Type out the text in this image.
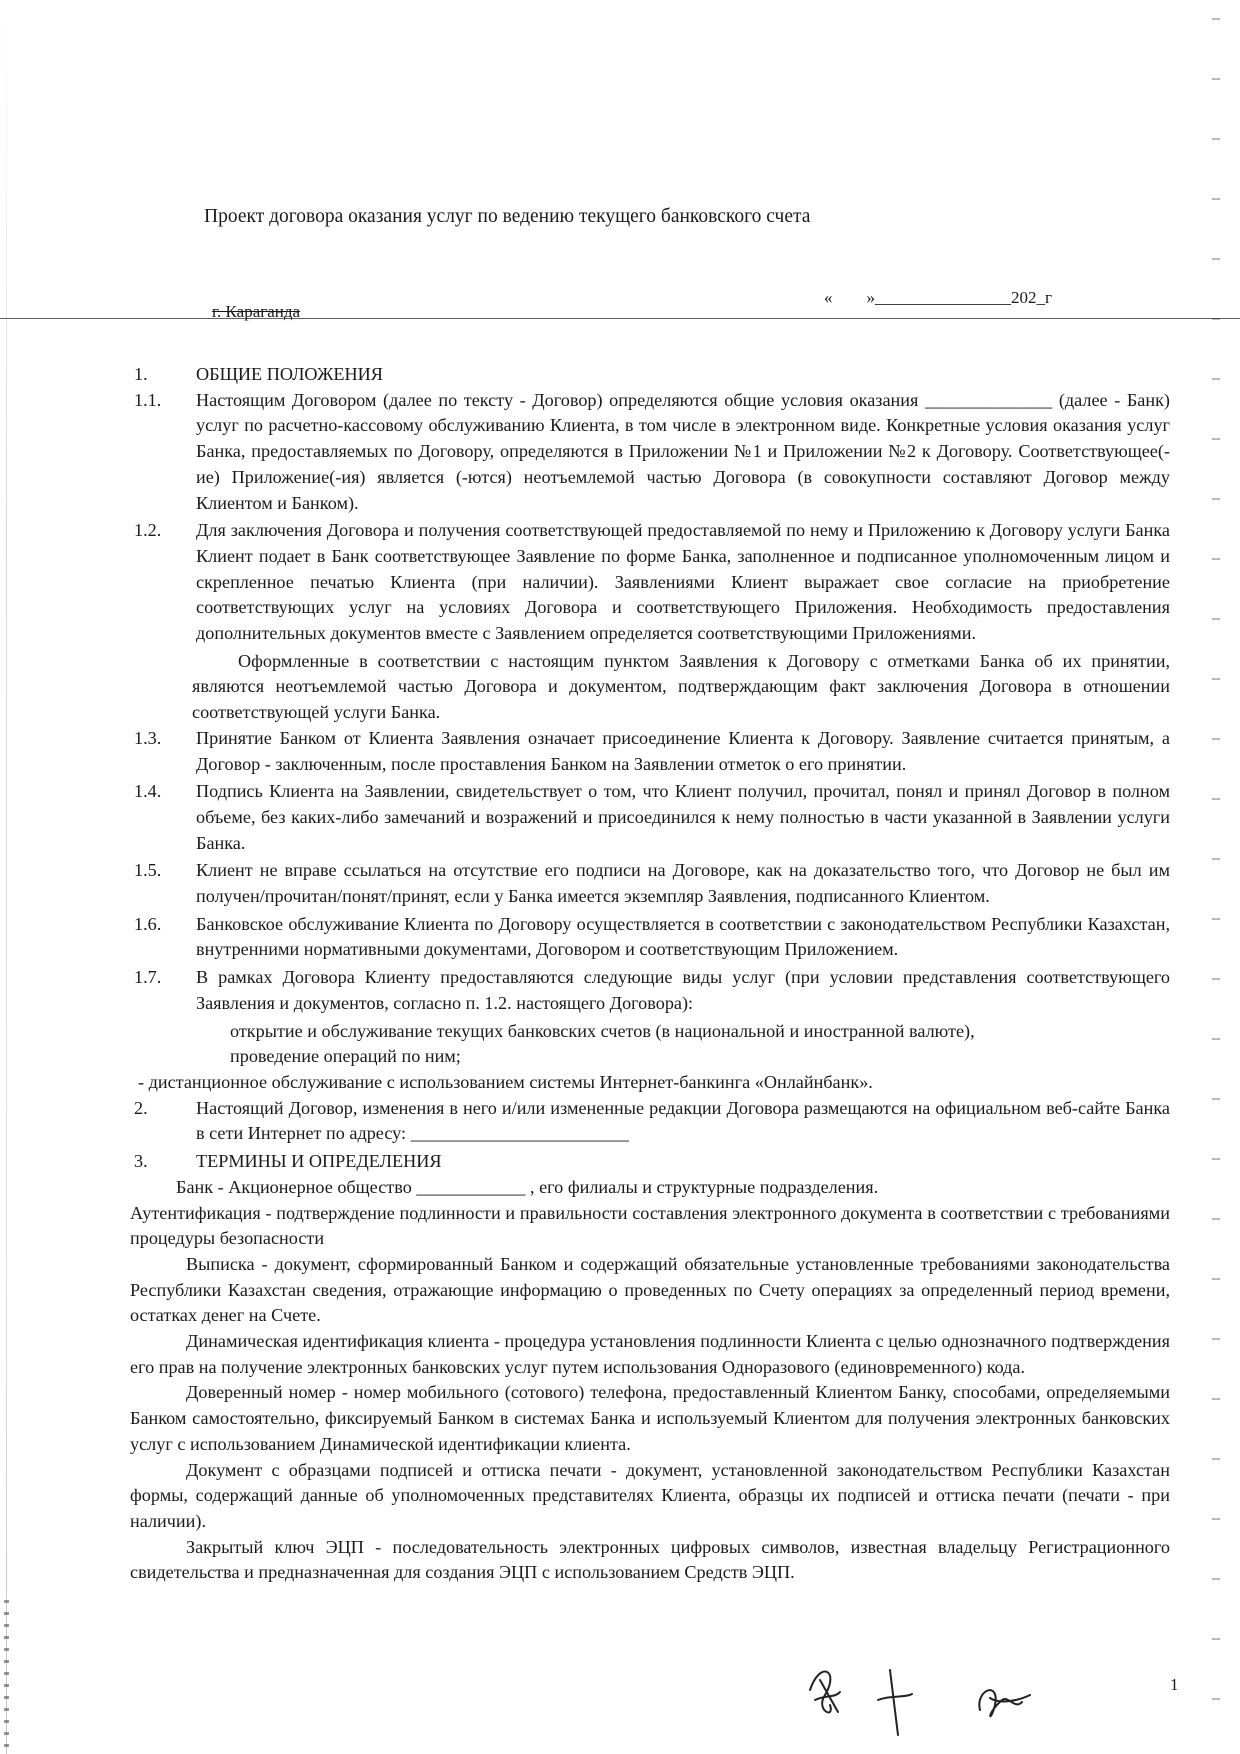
Проект договора оказания услуг по ведению текущего банковского счета
г. Караганда
«        »________________202_г
1.	ОБЩИЕ ПОЛОЖЕНИЯ
1.1.	Настоящим Договором (далее по тексту - Договор) определяются общие условия оказания ______________ (далее - Банк) услуг по расчетно-кассовому обслуживанию Клиента, в том числе в электронном виде. Конкретные условия оказания услуг Банка, предоставляемых по Договору, определяются в Приложении №1 и Приложении №2 к Договору. Соответствующее(-ие) Приложение(-ия) является (-ются) неотъемлемой частью Договора (в совокупности составляют Договор между Клиентом и Банком).
1.2.	Для заключения Договора и получения соответствующей предоставляемой по нему и Приложению к Договору услуги Банка Клиент подает в Банк соответствующее Заявление по форме Банка, заполненное и подписанное уполномоченным лицом и скрепленное печатью Клиента (при наличии). Заявлениями Клиент выражает свое согласие на приобретение соответствующих услуг на условиях Договора и соответствующего Приложения. Необходимость предоставления дополнительных документов вместе с Заявлением определяется соответствующими Приложениями.
Оформленные в соответствии с настоящим пунктом Заявления к Договору с отметками Банка об их принятии, являются неотъемлемой частью Договора и документом, подтверждающим факт заключения Договора в отношении соответствующей услуги Банка.
1.3.	Принятие Банком от Клиента Заявления означает присоединение Клиента к Договору. Заявление считается принятым, а Договор - заключенным, после проставления Банком на Заявлении отметок о его принятии.
1.4.	Подпись Клиента на Заявлении, свидетельствует о том, что Клиент получил, прочитал, понял и принял Договор в полном объеме, без каких-либо замечаний и возражений и присоединился к нему полностью в части указанной в Заявлении услуги Банка.
1.5.	Клиент не вправе ссылаться на отсутствие его подписи на Договоре, как на доказательство того, что Договор не был им получен/прочитан/понят/принят, если у Банка имеется экземпляр Заявления, подписанного Клиентом.
1.6.	Банковское обслуживание Клиента по Договору осуществляется в соответствии с законодательством Республики Казахстан, внутренними нормативными документами, Договором и соответствующим Приложением.
1.7.	В рамках Договора Клиенту предоставляются следующие виды услуг (при условии представления соответствующего Заявления и документов, согласно п. 1.2. настоящего Договора):
открытие и обслуживание текущих банковских счетов (в национальной и иностранной валюте),
проведение операций по ним;
- дистанционное обслуживание с использованием системы Интернет-банкинга «Онлайнбанк».
2.	Настоящий Договор, изменения в него и/или измененные редакции Договора размещаются на официальном веб-сайте Банка в сети Интернет по адресу: ________________________
3.	ТЕРМИНЫ И ОПРЕДЕЛЕНИЯ
Банк - Акционерное общество ____________ , его филиалы и структурные подразделения.
Аутентификация - подтверждение подлинности и правильности составления электронного документа в соответствии с требованиями процедуры безопасности
Выписка - документ, сформированный Банком и содержащий обязательные установленные требованиями законодательства Республики Казахстан сведения, отражающие информацию о проведенных по Счету операциях за определенный период времени, остатках денег на Счете.
Динамическая идентификация клиента - процедура установления подлинности Клиента с целью однозначного подтверждения его прав на получение электронных банковских услуг путем использования Одноразового (единовременного) кода.
Доверенный номер - номер мобильного (сотового) телефона, предоставленный Клиентом Банку, способами, определяемыми Банком самостоятельно, фиксируемый Банком в системах Банка и используемый Клиентом для получения электронных банковских услуг с использованием Динамической идентификации клиента.
Документ с образцами подписей и оттиска печати - документ, установленной законодательством Республики Казахстан формы, содержащий данные об уполномоченных представителях Клиента, образцы их подписей и оттиска печати (печати - при наличии).
Закрытый ключ ЭЦП - последовательность электронных цифровых символов, известная владельцу Регистрационного свидетельства и предназначенная для создания ЭЦП с использованием Средств ЭЦП.
1
